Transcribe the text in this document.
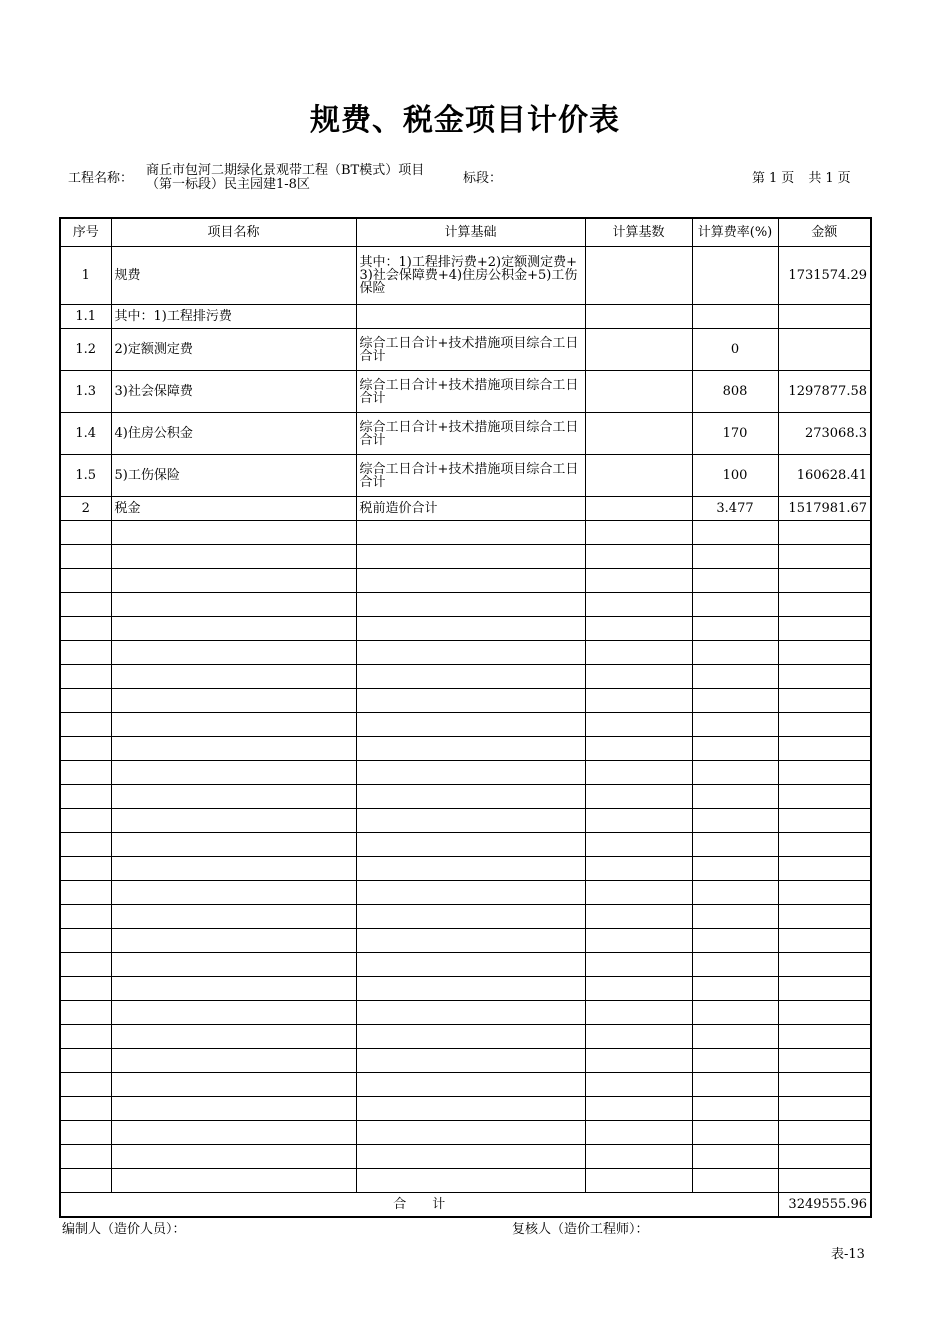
规费、税金项目计价表
工程名称：
商丘市包河二期绿化景观带工程（BT模式）项目（第一标段）民主园建1-8区	标段：	第 1 页 共 1 页
序号	项目名称	计算基础	计算基数	计算费率(%)	金额
1	规费	其中：1)工程排污费+2)定额测定费+3)社会保障费+4)住房公积金+5)工伤保险			1731574.29
1.1	其中：1)工程排污费				
1.2	2)定额测定费	综合工日合计+技术措施项目综合工日合计		0	
1.3	3)社会保障费	综合工日合计+技术措施项目综合工日合计		808	1297877.58
1.4	4)住房公积金	综合工日合计+技术措施项目综合工日合计		170	273068.3
1.5	5)工伤保险	综合工日合计+技术措施项目综合工日合计		100	160628.41
2	税金	税前造价合计		3.477	1517981.67

合　　计					3249555.96
编制人（造价人员）：	复核人（造价工程师）：
表-13
